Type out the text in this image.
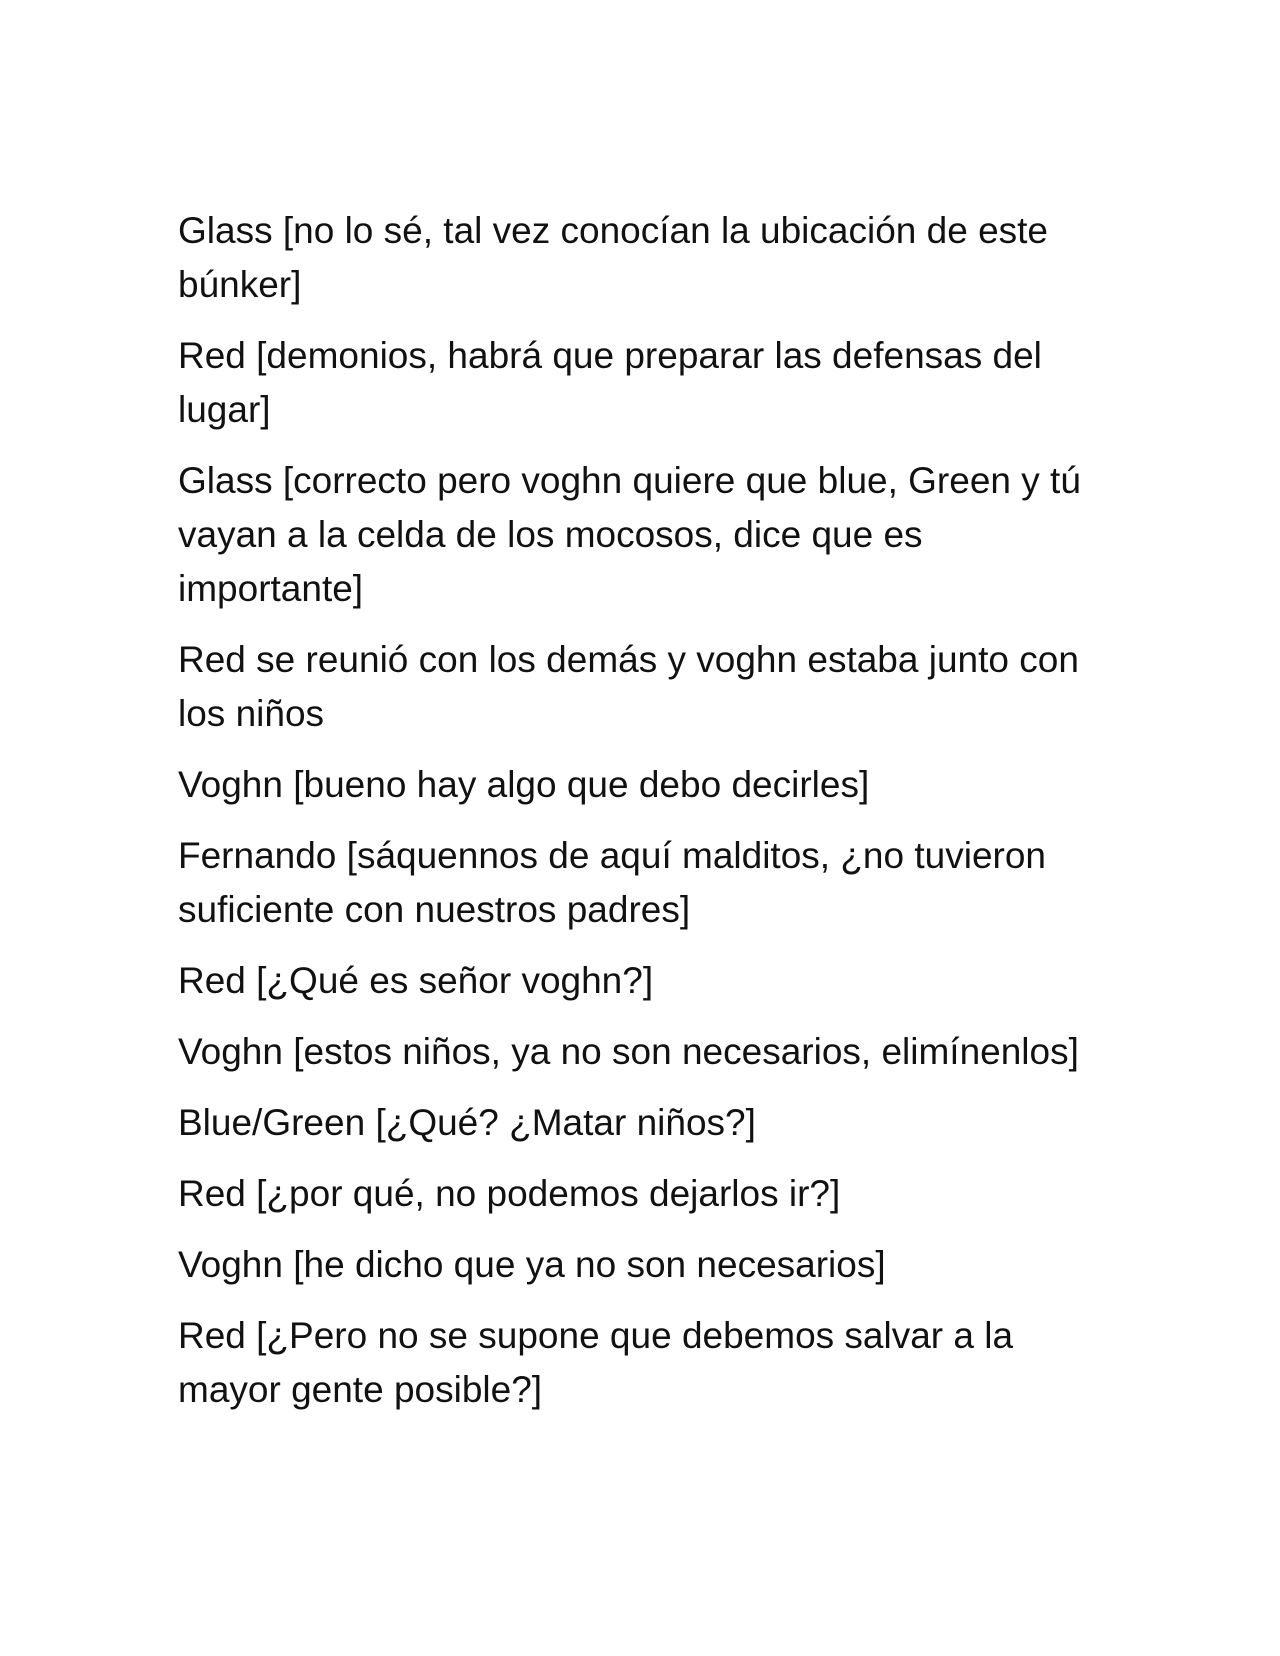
Glass [no lo sé, tal vez conocían la ubicación de este búnker]

Red [demonios, habrá que preparar las defensas del lugar]

Glass [correcto pero voghn quiere que blue, Green y tú vayan a la celda de los mocosos, dice que es importante]

Red se reunió con los demás y voghn estaba junto con los niños

Voghn [bueno hay algo que debo decirles]

Fernando [sáquennos de aquí malditos, ¿no tuvieron suficiente con nuestros padres]

Red [¿Qué es señor voghn?]

Voghn [estos niños, ya no son necesarios, elimínenlos]

Blue/Green [¿Qué? ¿Matar niños?]

Red [¿por qué, no podemos dejarlos ir?]

Voghn [he dicho que ya no son necesarios]

Red [¿Pero no se supone que debemos salvar a la mayor gente posible?]
